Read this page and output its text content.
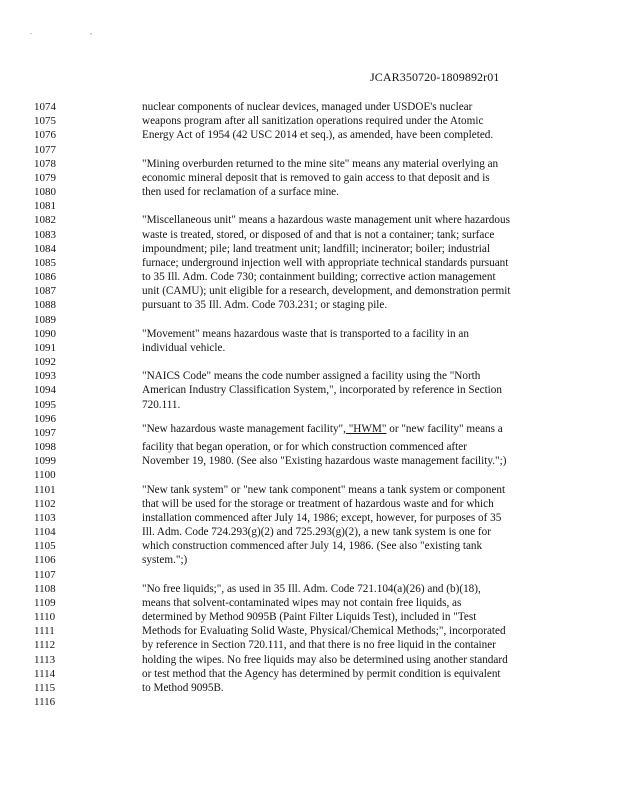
. ,
JCAR350720-1809892r01
1074
1075
1076
1077
1078
1079
1080
1081
1082
1083
1084
1085
1086
1087
1088
1089
1090
1091
1092
1093
1094
1095
1096
1097
1098
1099
1100
1101
1102
1103
1104
1105
1106
1107
1108
1109
1110
1111
1112
1113
1114
1115
1116
"New hazardous waste management facility", "HWM" or "new facility" means a
nuclear components of nuclear devices, managed under USDOE's nuclear
weapons program after all sanitization operations required under the Atomic
Energy Act of 1954 (42 USC 2014 et seq.), as amended, have been completed.
"Mining overburden returned to the mine site" means any material overlying an
economic mineral deposit that is removed to gain access to that deposit and is
then used for reclamation of a surface mine.
"Miscellaneous unit" means a hazardous waste management unit where hazardous
waste is treated, stored, or disposed of and that is not a container; tank; surface
impoundment; pile; land treatment unit; landfill; incinerator; boiler; industrial
furnace; underground injection well with appropriate technical standards pursuant
to 35 Ill. Adm. Code 730; containment building; corrective action management
unit (CAMU); unit eligible for a research, development, and demonstration permit
pursuant to 35 Ill. Adm. Code 703.231; or staging pile.
"Movement" means hazardous waste that is transported to a facility in an
individual vehicle.
"NAICS Code" means the code number assigned a facility using the "North
American Industry Classification System,", incorporated by reference in Section
720.111.
facility that began operation, or for which construction commenced after
November 19, 1980. (See also "Existing hazardous waste management facility.";)
"New tank system" or "new tank component" means a tank system or component
that will be used for the storage or treatment of hazardous waste and for which
installation commenced after July 14, 1986; except, however, for purposes of 35
Ill. Adm. Code 724.293(g)(2) and 725.293(g)(2), a new tank system is one for
which construction commenced after July 14, 1986. (See also "existing tank
system.";)
"No free liquids;", as used in 35 Ill. Adm. Code 721.104(a)(26) and (b)(18),
means that solvent-contaminated wipes may not contain free liquids, as
determined by Method 9095B (Paint Filter Liquids Test), included in "Test
Methods for Evaluating Solid Waste, Physical/Chemical Methods;", incorporated
by reference in Section 720.111, and that there is no free liquid in the container
holding the wipes. No free liquids may also be determined using another standard
or test method that the Agency has determined by permit condition is equivalent
to Method 9095B.
